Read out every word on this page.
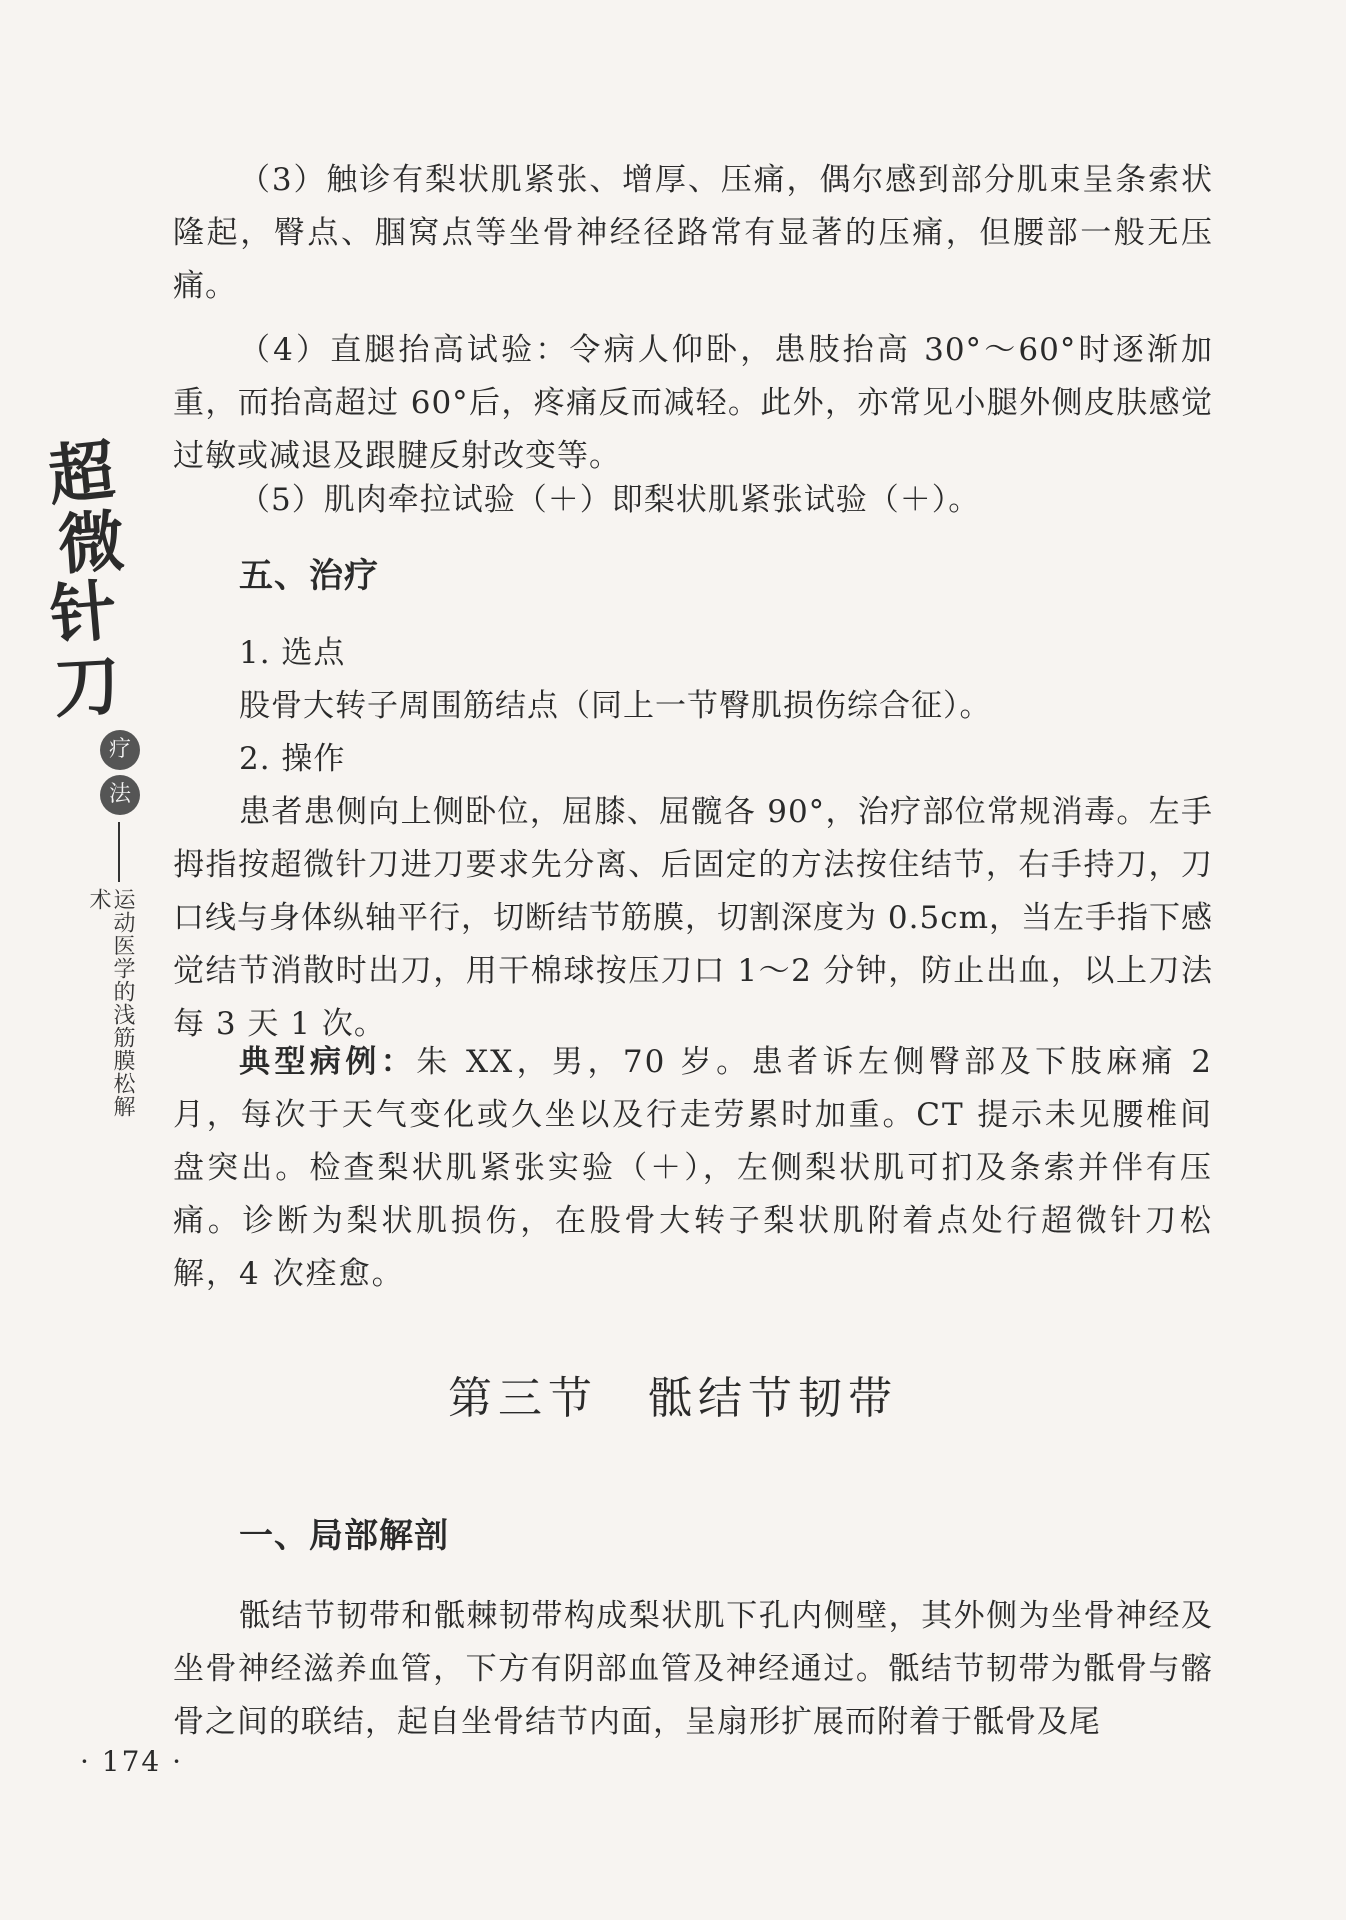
超
微
针
刀
疗
法
运动医学的浅筋膜松解术

（3）触诊有梨状肌紧张、增厚、压痛，偶尔感到部分肌束呈条索状隆起，臀点、腘窝点等坐骨神经径路常有显著的压痛，但腰部一般无压痛。

（4）直腿抬高试验：令病人仰卧，患肢抬高 30°～60°时逐渐加重，而抬高超过 60°后，疼痛反而减轻。此外，亦常见小腿外侧皮肤感觉过敏或减退及跟腱反射改变等。

（5）肌肉牵拉试验（＋）即梨状肌紧张试验（＋）。

五、治疗

1. 选点

股骨大转子周围筋结点（同上一节臀肌损伤综合征）。

2. 操作

患者患侧向上侧卧位，屈膝、屈髋各 90°，治疗部位常规消毒。左手拇指按超微针刀进刀要求先分离、后固定的方法按住结节，右手持刀，刀口线与身体纵轴平行，切断结节筋膜，切割深度为 0.5cm，当左手指下感觉结节消散时出刀，用干棉球按压刀口 1～2 分钟，防止出血，以上刀法每 3 天 1 次。

典型病例：朱 XX，男，70 岁。患者诉左侧臀部及下肢麻痛 2 月，每次于天气变化或久坐以及行走劳累时加重。CT 提示未见腰椎间盘突出。检查梨状肌紧张实验（＋），左侧梨状肌可扪及条索并伴有压痛。诊断为梨状肌损伤，在股骨大转子梨状肌附着点处行超微针刀松解，4 次痊愈。

第三节 骶结节韧带
一、局部解剖

骶结节韧带和骶棘韧带构成梨状肌下孔内侧壁，其外侧为坐骨神经及坐骨神经滋养血管，下方有阴部血管及神经通过。骶结节韧带为骶骨与髂骨之间的联结，起自坐骨结节内面，呈扇形扩展而附着于骶骨及尾

· 174 ·
